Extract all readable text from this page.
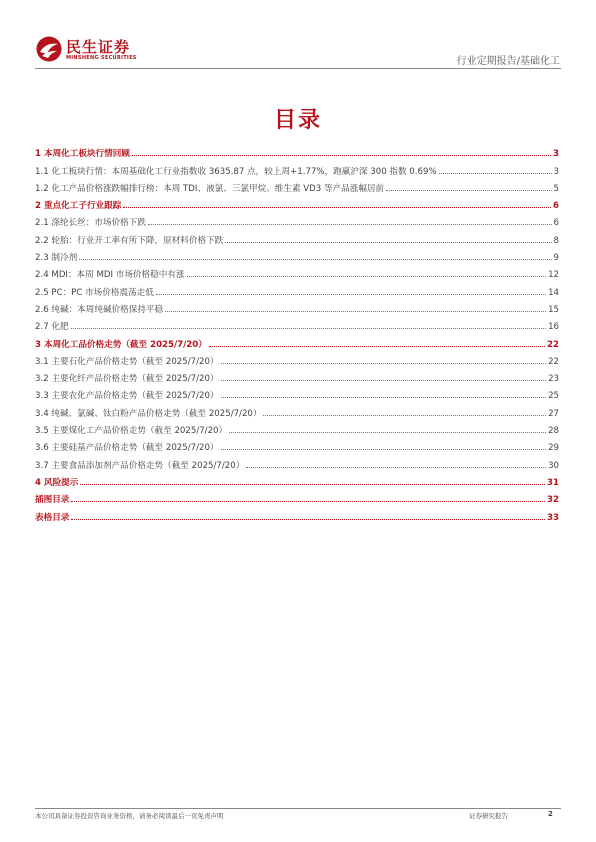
民生证券
MINSHENG SECURITIES	行业定期报告/基础化工
目录
1 本周化工板块行情回顾	3
1.1 化工板块行情：本周基础化工行业指数收 3635.87 点，较上周+1.77%，跑赢沪深 300 指数 0.69%	3
1.2 化工产品价格涨跌幅排行榜：本周 TDI、液氯、三氯甲烷、维生素 VD3 等产品涨幅居前	5
2 重点化工子行业跟踪	6
2.1 涤纶长丝：市场价格下跌	6
2.2 轮胎：行业开工率有所下降，原材料价格下跌	8
2.3 制冷剂	9
2.4 MDI：本周 MDI 市场价格稳中有涨	12
2.5 PC：PC 市场价格震荡走低	14
2.6 纯碱：本周纯碱价格保持平稳	15
2.7 化肥	16
3 本周化工品价格走势（截至 2025/7/20）	22
3.1 主要石化产品价格走势（截至 2025/7/20）	22
3.2 主要化纤产品价格走势（截至 2025/7/20）	23
3.3 主要农化产品价格走势（截至 2025/7/20）	25
3.4 纯碱、氯碱、钛白粉产品价格走势（截至 2025/7/20）	27
3.5 主要煤化工产品价格走势（截至 2025/7/20）	28
3.6 主要硅基产品价格走势（截至 2025/7/20）	29
3.7 主要食品添加剂产品价格走势（截至 2025/7/20）	30
4 风险提示	31
插图目录	32
表格目录	33
本公司具备证券投资咨询业务资格，请务必阅读最后一页免责声明	证券研究报告	2
